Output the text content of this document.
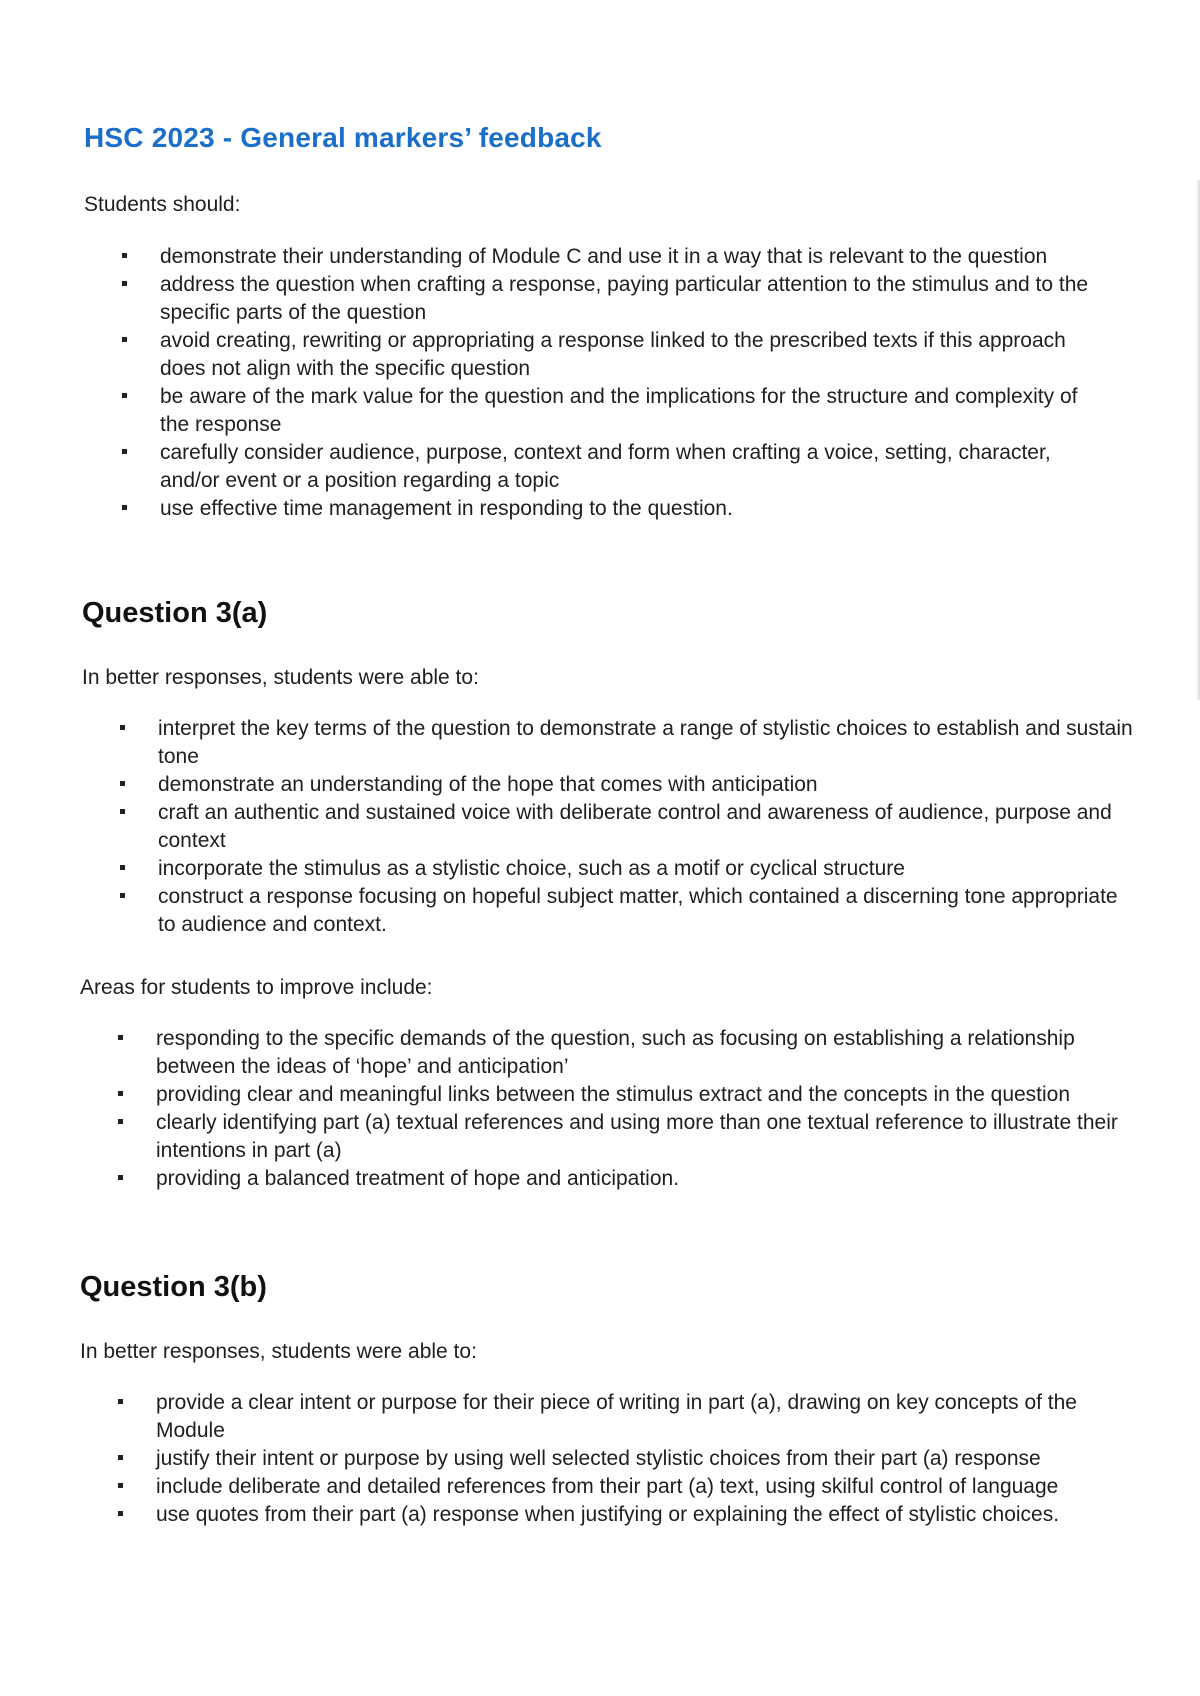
HSC 2023 - General markers’ feedback

Students should:

demonstrate their understanding of Module C and use it in a way that is relevant to the question
address the question when crafting a response, paying particular attention to the stimulus and to the specific parts of the question
avoid creating, rewriting or appropriating a response linked to the prescribed texts if this approach does not align with the specific question
be aware of the mark value for the question and the implications for the structure and complexity of the response
carefully consider audience, purpose, context and form when crafting a voice, setting, character, and/or event or a position regarding a topic
use effective time management in responding to the question.
Question 3(a)

In better responses, students were able to:

interpret the key terms of the question to demonstrate a range of stylistic choices to establish and sustain tone
demonstrate an understanding of the hope that comes with anticipation
craft an authentic and sustained voice with deliberate control and awareness of audience, purpose and context
incorporate the stimulus as a stylistic choice, such as a motif or cyclical structure
construct a response focusing on hopeful subject matter, which contained a discerning tone appropriate to audience and context.

Areas for students to improve include:

responding to the specific demands of the question, such as focusing on establishing a relationship between the ideas of ‘hope’ and anticipation’
providing clear and meaningful links between the stimulus extract and the concepts in the question
clearly identifying part (a) textual references and using more than one textual reference to illustrate their intentions in part (a)
providing a balanced treatment of hope and anticipation.
Question 3(b)

In better responses, students were able to:

provide a clear intent or purpose for their piece of writing in part (a), drawing on key concepts of the Module
justify their intent or purpose by using well selected stylistic choices from their part (a) response
include deliberate and detailed references from their part (a) text, using skilful control of language
use quotes from their part (a) response when justifying or explaining the effect of stylistic choices.
